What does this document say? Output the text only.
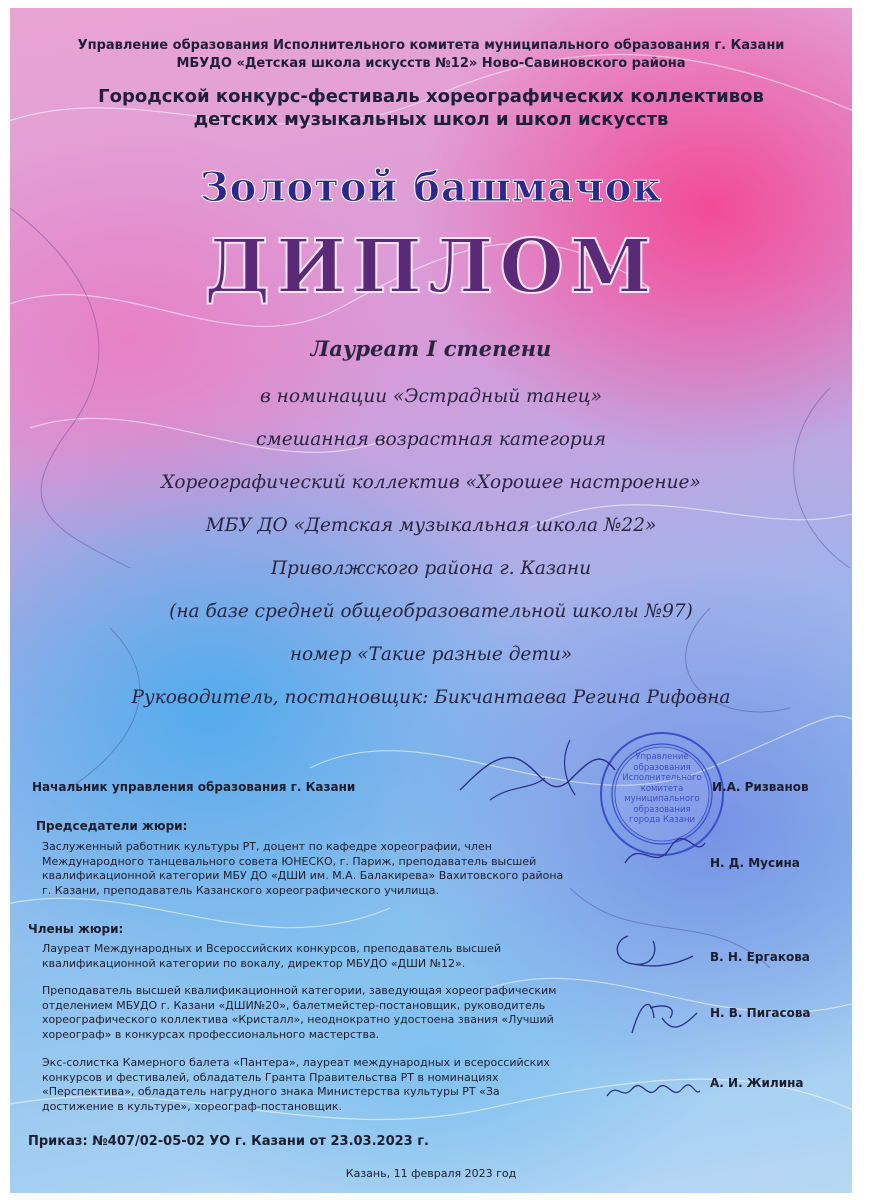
Управление образования Исполнительного комитета муниципального образования г. Казани
МБУДО «Детская школа искусств №12» Ново-Савиновского района
Городской конкурс-фестиваль хореографических коллективов
детских музыкальных школ и школ искусств
Золотой башмачок
ДИПЛОМ
Лауреат I степени
в номинации «Эстрадный танец»
смешанная возрастная категория
Хореографический коллектив «Хорошее настроение»
МБУ ДО «Детская музыкальная школа №22»
Приволжского района г. Казани
(на базе средней общеобразовательной школы №97)
номер «Такие разные дети»
Руководитель, постановщик: Бикчантаева Регина Рифовна
Управление
образования
Исполнительного
комитета
муниципального
образования
города Казани
Начальник управления образования г. Казани	И.А. Ризванов
Председатели жюри:
Заслуженный работник культуры РТ, доцент по кафедре хореографии, член
Международного танцевального совета ЮНЕСКО, г. Париж, преподаватель высшей
квалификационной категории МБУ ДО «ДШИ им. М.А. Балакирева» Вахитовского района
г. Казани, преподаватель Казанского хореографического училища.
Н. Д. Мусина
Члены жюри:
Лауреат Международных и Всероссийских конкурсов, преподаватель высшей
квалификационной категории по вокалу, директор МБУДО «ДШИ №12».	В. Н. Ергакова
Преподаватель высшей квалификационной категории, заведующая хореографическим
отделением МБУДО г. Казани «ДШИ№20», балетмейстер-постановщик, руководитель
хореографического коллектива «Кристалл», неоднократно удостоена звания «Лучший
хореограф» в конкурсах профессионального мастерства.
Н. В. Пигасова
Экс-солистка Камерного балета «Пантера», лауреат международных и всероссийских
конкурсов и фестивалей, обладатель Гранта Правительства РТ в номинациях
«Перспектива», обладатель нагрудного знака Министерства культуры РТ «За
достижение в культуре», хореограф-постановщик.
А. И. Жилина
Приказ: №407/02-05-02 УО г. Казани от 23.03.2023 г.
Казань, 11 февраля 2023 год
